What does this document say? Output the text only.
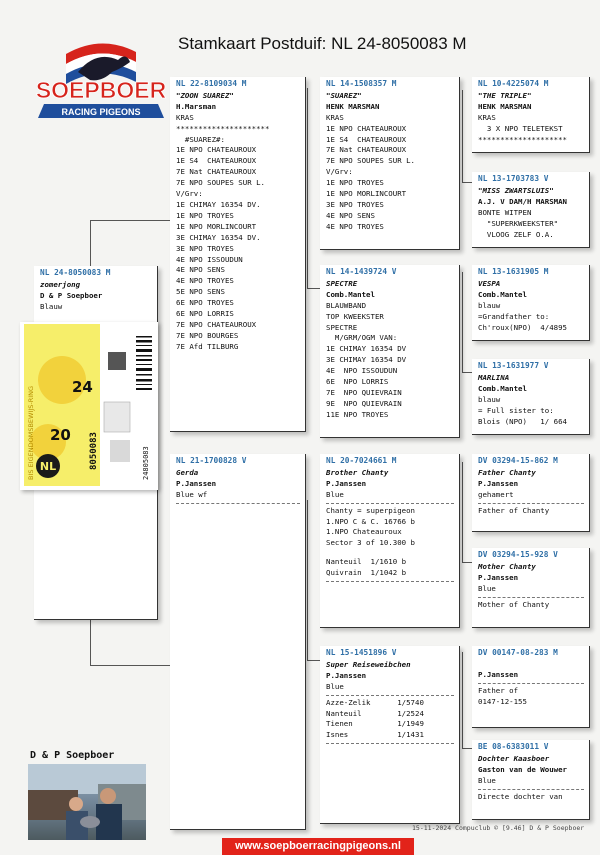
SOEPBOER
RACING PIGEONS
Stamkaart Postduif: NL 24-8050083 M
NL 24-8050083 M
zomerjong
D & P Soepboer
Blauw
NL
20
24
8050083
BIS EIGENDOMSBEWIJS-RING	24805083
NL 22-8109034 M
"ZOON SUAREZ"
H.Marsman
KRAS
*********************
#SUAREZ#:
1E NPO CHATEAUROUX
1E S4  CHATEAUROUX
7E Nat CHATEAUROUX
7E NPO SOUPES SUR L.
V/Grv:
1E CHIMAY 16354 DV.
1E NPO TROYES
1E NPO MORLINCOURT
3E CHIMAY 16354 DV.
3E NPO TROYES
4E NPO ISSOUDUN
4E NPO SENS
4E NPO TROYES
5E NPO SENS
6E NPO TROYES
6E NPO LORRIS
7E NPO CHATEAUROUX
7E NPO BOURGES
7E Afd TILBURG
NL 21-1700828 V
Gerda
P.Janssen
Blue wf
NL 14-1508357 M
"SUAREZ"
HENK MARSMAN
KRAS
1E NPO CHATEAUROUX
1E S4  CHATEAUROUX
7E Nat CHATEAUROUX
7E NPO SOUPES SUR L.
V/Grv:
1E NPO TROYES
1E NPO MORLINCOURT
3E NPO TROYES
4E NPO SENS
4E NPO TROYES
NL 14-1439724 V
SPECTRE
Comb.Mantel
BLAUWBAND
TOP KWEEKSTER
SPECTRE
M/GRM/OGM VAN:
1E CHIMAY 16354 DV
3E CHIMAY 16354 DV
4E  NPO ISSOUDUN
6E  NPO LORRIS
7E  NPO QUIEVRAIN
9E  NPO QUIEVRAIN
11E NPO TROYES
NL 20-7024661 M
Brother Chanty
P.Janssen
Blue
Chanty = superpigeon
1.NPO C & C. 16766 b
1.NPO Chateauroux
Sector 3 of 10.300 b
Nanteuil  1/1610 b
Quivrain  1/1042 b
NL 15-1451896 V
Super Reiseweibchen
P.Janssen
Blue
Azze-Zelik      1/5740
Nanteuil        1/2524
Tienen          1/1949
Isnes           1/1431
NL 10-4225074 M
"THE TRIPLE"
HENK MARSMAN
KRAS
3 X NPO TELETEKST
********************
NL 13-1703783 V
"MISS ZWARTSLUIS"
A.J. V DAM/H MARSMAN
BONTE WITPEN
"SUPERKWEEKSTER"
VLOOG ZELF O.A.
NL 13-1631905 M
VESPA
Comb.Mantel
blauw
=Grandfather to:
Ch'roux(NPO)  4/4895
NL 13-1631977 V
MARLINA
Comb.Mantel
blauw
= Full sister to:
Blois (NPO)   1/ 664
DV 03294-15-862 M
Father Chanty
P.Janssen
gehamert
Father of Chanty
DV 03294-15-928 V
Mother Chanty
P.Janssen
Blue
Mother of Chanty
DV 00147-08-283 M
P.Janssen
Father of
0147-12-155
BE 08-6383011 V
Dochter Kaasboer
Gaston van de Wouwer
Blue
Directe dochter van
D & P Soepboer
15-11-2024 Compuclub © [9.46] D & P Soepboer
www.soepboerracingpigeons.nl
